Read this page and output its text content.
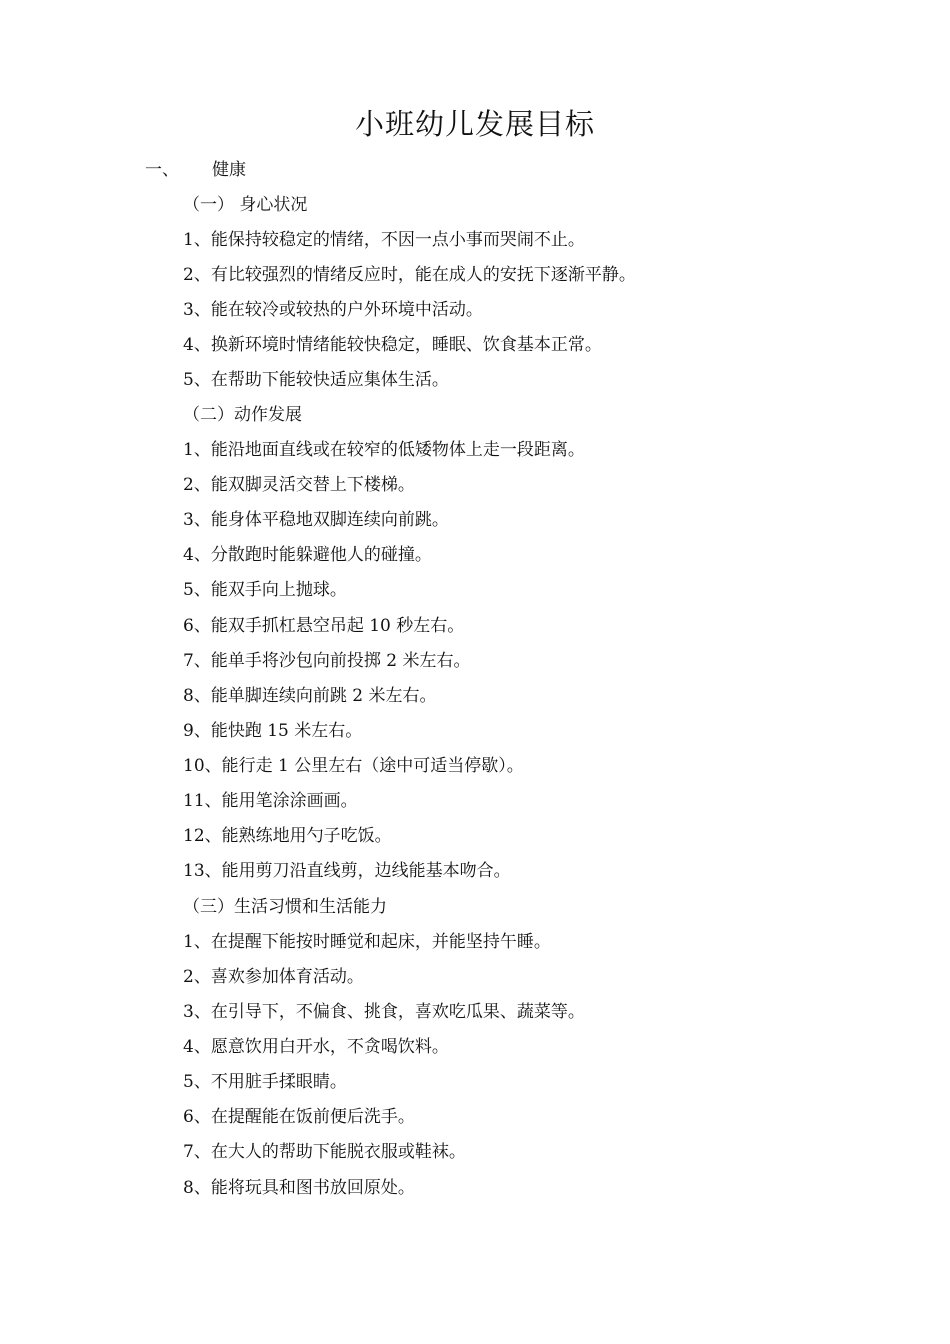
小班幼儿发展目标
一、 健康
（一） 身心状况
1、能保持较稳定的情绪，不因一点小事而哭闹不止。
2、有比较强烈的情绪反应时，能在成人的安抚下逐渐平静。
3、能在较冷或较热的户外环境中活动。
4、换新环境时情绪能较快稳定，睡眠、饮食基本正常。
5、在帮助下能较快适应集体生活。
（二）动作发展
1、能沿地面直线或在较窄的低矮物体上走一段距离。
2、能双脚灵活交替上下楼梯。
3、能身体平稳地双脚连续向前跳。
4、分散跑时能躲避他人的碰撞。
5、能双手向上抛球。
6、能双手抓杠悬空吊起 10 秒左右。
7、能单手将沙包向前投掷 2 米左右。
8、能单脚连续向前跳 2 米左右。
9、能快跑 15 米左右。
10、能行走 1 公里左右（途中可适当停歇）。
11、能用笔涂涂画画。
12、能熟练地用勺子吃饭。
13、能用剪刀沿直线剪，边线能基本吻合。
（三）生活习惯和生活能力
1、在提醒下能按时睡觉和起床，并能坚持午睡。
2、喜欢参加体育活动。
3、在引导下，不偏食、挑食，喜欢吃瓜果、蔬菜等。
4、愿意饮用白开水，不贪喝饮料。
5、不用脏手揉眼睛。
6、在提醒能在饭前便后洗手。
7、在大人的帮助下能脱衣服或鞋袜。
8、能将玩具和图书放回原处。
